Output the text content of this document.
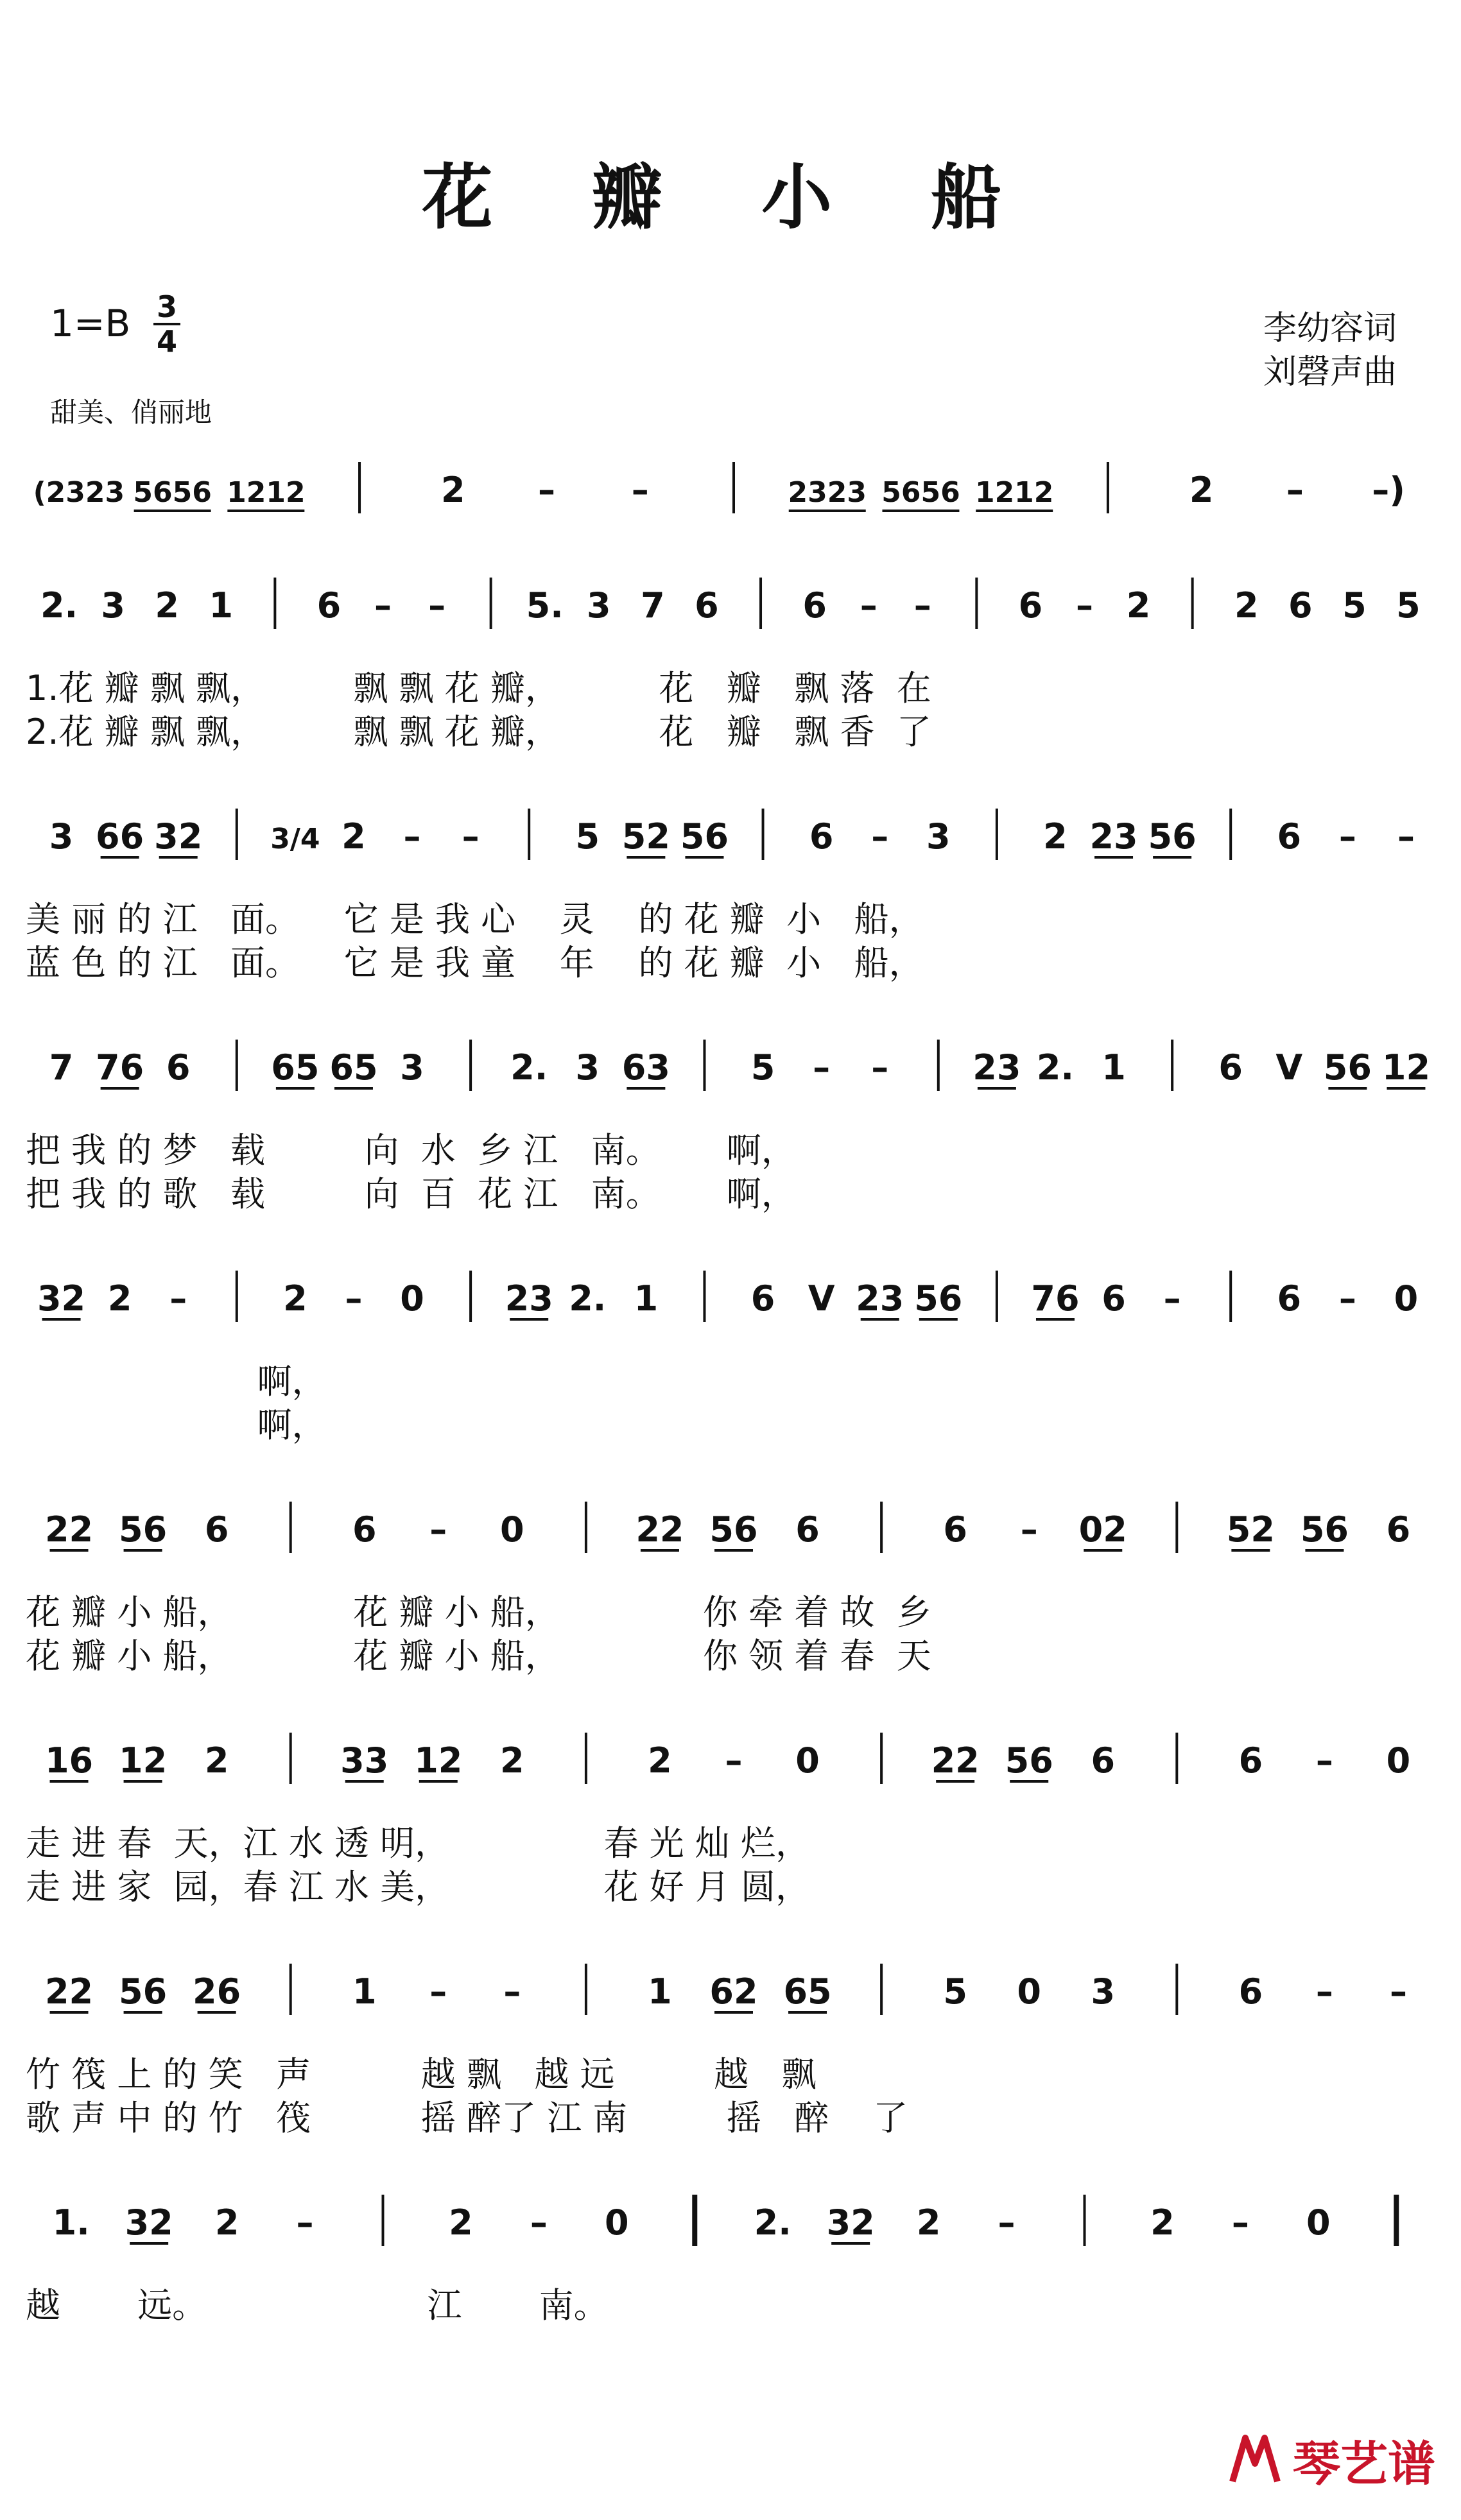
花 瓣 小 船
1=B 3
4	李幼容词
刘磬声曲
甜美、俏丽地
(2323 5656 1212	2 – –	2323 5656 1212	2 – –)
2. 3 2 1 6 – – 5. 3 7 6 6 – –	6 – 2 2 6 5 5
1.花 瓣 飘 飘，        飘 飘 花 瓣，         花   瓣   飘 落  在
2.花 瓣 飘 飘，        飘 飘 花 瓣，         花   瓣   飘 香  了
3 66 32 3/4 2 – –	5 52 56 6 – 3	2 23 56 6 – –
美 丽 的 江   面。    它 是 我 心    灵    的 花 瓣  小   船，
蓝 色 的 江   面。    它 是 我 童    年    的 花 瓣  小   船，
7 76 6 65 65 3 2. 3 63 5 – – 23 2. 1	6 V 56 12
把 我 的 梦   载         向  水  乡 江   南。      啊，
把 我 的 歌   载         向  百  花 江   南。      啊，
32 2 –	2 – 0 23 2. 1	6 V 23 56 76 6 –	6 – 0
啊，
啊，
22 56 6	6 – 0	22 56 6	6 – 02	52 56 6
花 瓣 小 船，           花 瓣 小 船，             你 牵 着 故  乡
花 瓣 小 船，           花 瓣 小 船，             你 领 着 春  天
16 12 2	33 12 2	2 – 0	22 56 6	6 – 0
走 进 春  天，江 水 透 明，              春 光 灿 烂，
走 进 家  园，春 江 水 美，              花 好 月 圆，
22 56 26	1 – –	1 62 65	5 0 3	6 – –
竹 筏 上 的 笑   声          越 飘   越 远         越   飘
歌 声 中 的 竹   筏          摇 醉了 江 南         摇   醉    了
1. 32 2 –	2 – 0	2. 32 2 –	2 – 0
越       远。                    江       南。
琴艺谱
